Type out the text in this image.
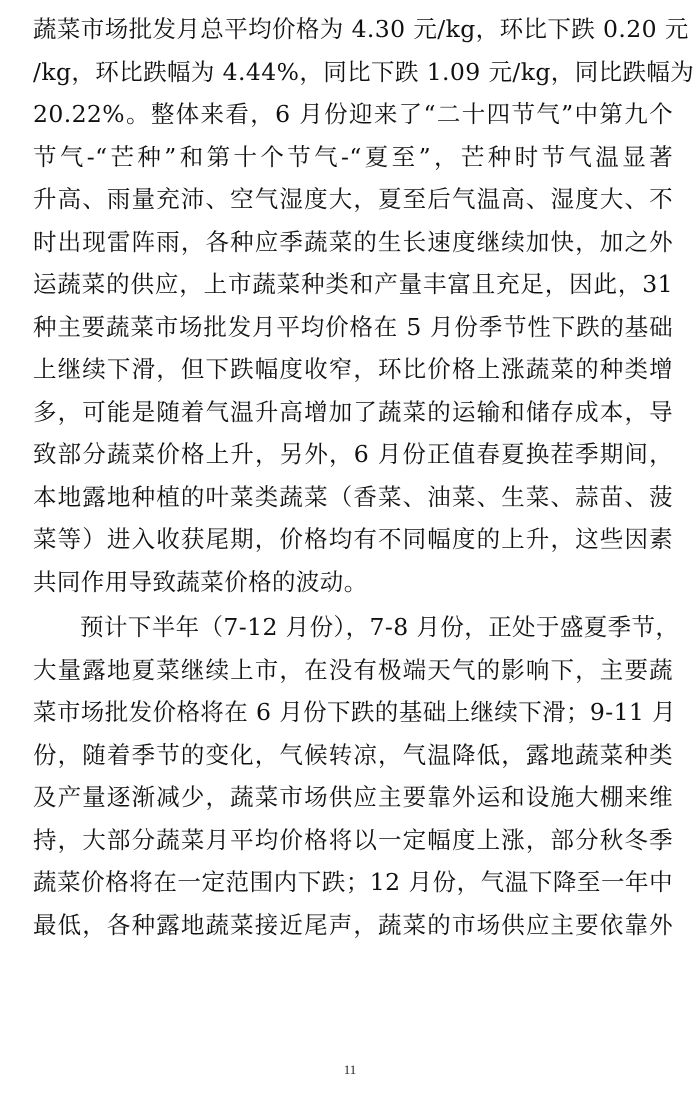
蔬菜市场批发月总平均价格为 4.30 元/kg，环比下跌 0.20 元
/kg，环比跌幅为 4.44%，同比下跌 1.09 元/kg，同比跌幅为
20.22%。整体来看，6 月份迎来了“二十四节气”中第九个
节气-“芒种”和第十个节气-“夏至”，芒种时节气温显著
升高、雨量充沛、空气湿度大，夏至后气温高、湿度大、不
时出现雷阵雨，各种应季蔬菜的生长速度继续加快，加之外
运蔬菜的供应，上市蔬菜种类和产量丰富且充足，因此，31
种主要蔬菜市场批发月平均价格在 5 月份季节性下跌的基础
上继续下滑，但下跌幅度收窄，环比价格上涨蔬菜的种类增
多，可能是随着气温升高增加了蔬菜的运输和储存成本，导
致部分蔬菜价格上升，另外，6 月份正值春夏换茬季期间，
本地露地种植的叶菜类蔬菜（香菜、油菜、生菜、蒜苗、菠
菜等）进入收获尾期，价格均有不同幅度的上升，这些因素
共同作用导致蔬菜价格的波动。
预计下半年（7-12 月份），7-8 月份，正处于盛夏季节，
大量露地夏菜继续上市，在没有极端天气的影响下，主要蔬
菜市场批发价格将在 6 月份下跌的基础上继续下滑；9-11 月
份，随着季节的变化，气候转凉，气温降低，露地蔬菜种类
及产量逐渐减少，蔬菜市场供应主要靠外运和设施大棚来维
持，大部分蔬菜月平均价格将以一定幅度上涨，部分秋冬季
蔬菜价格将在一定范围内下跌；12 月份，气温下降至一年中
最低，各种露地蔬菜接近尾声，蔬菜的市场供应主要依靠外
11
